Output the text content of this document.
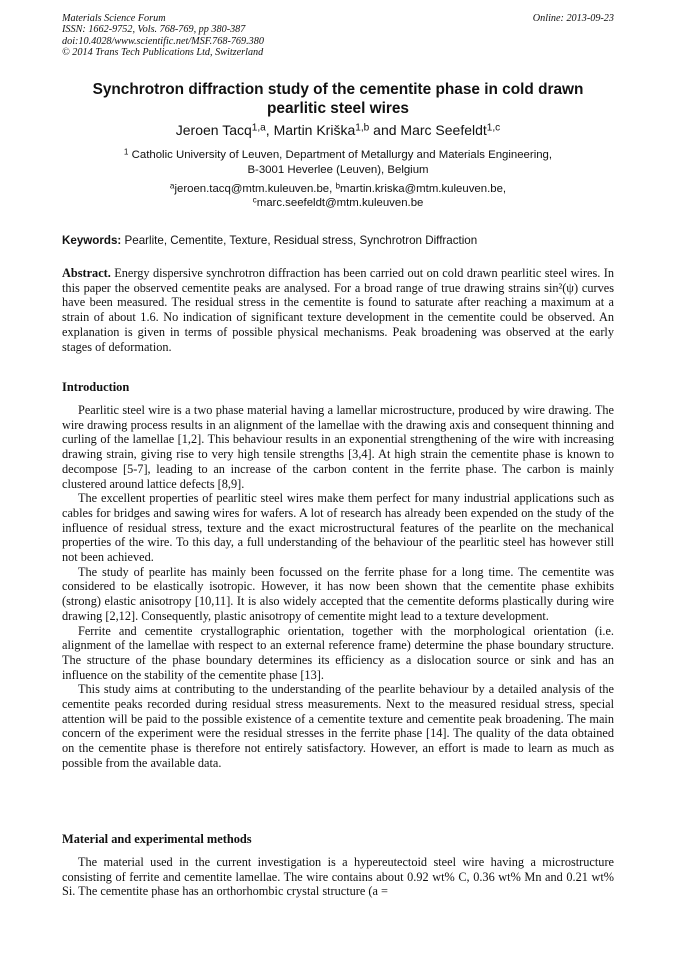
Materials Science Forum
ISSN: 1662-9752, Vols. 768-769, pp 380-387
doi:10.4028/www.scientific.net/MSF.768-769.380
© 2014 Trans Tech Publications Ltd, Switzerland
Online: 2013-09-23
Synchrotron diffraction study of the cementite phase in cold drawn pearlitic steel wires
Jeroen Tacq$^{1,a}$, Martin Kriška$^{1,b}$ and Marc Seefeldt$^{1,c}$
$^1$ Catholic University of Leuven, Department of Metallurgy and Materials Engineering,
B-3001 Heverlee (Leuven), Belgium
$^a$jeroen.tacq@mtm.kuleuven.be, $^b$martin.kriska@mtm.kuleuven.be,
$^c$marc.seefeldt@mtm.kuleuven.be
Keywords: Pearlite, Cementite, Texture, Residual stress, Synchrotron Diffraction

Abstract. Energy dispersive synchrotron diffraction has been carried out on cold drawn pearlitic steel wires. In this paper the observed cementite peaks are analysed. For a broad range of true drawing strains sin²(ψ) curves have been measured. The residual stress in the cementite is found to saturate after reaching a maximum at a strain of about 1.6. No indication of significant texture development in the cementite could be observed. An explanation is given in terms of possible physical mechanisms. Peak broadening was observed at the early stages of deformation.

Introduction

Pearlitic steel wire is a two phase material having a lamellar microstructure, produced by wire drawing. The wire drawing process results in an alignment of the lamellae with the drawing axis and consequent thinning and curling of the lamellae [1,2]. This behaviour results in an exponential strengthening of the wire with increasing drawing strain, giving rise to very high tensile strengths [3,4]. At high strain the cementite phase is known to decompose [5-7], leading to an increase of the carbon content in the ferrite phase. The carbon is mainly clustered around lattice defects [8,9].

The excellent properties of pearlitic steel wires make them perfect for many industrial applications such as cables for bridges and sawing wires for wafers. A lot of research has already been expended on the study of the influence of residual stress, texture and the exact microstructural features of the pearlite on the mechanical properties of the wire. To this day, a full understanding of the behaviour of the pearlitic steel has however still not been achieved.

The study of pearlite has mainly been focussed on the ferrite phase for a long time. The cementite was considered to be elastically isotropic. However, it has now been shown that the cementite phase exhibits (strong) elastic anisotropy [10,11]. It is also widely accepted that the cementite deforms plastically during wire drawing [2,12]. Consequently, plastic anisotropy of cementite might lead to a texture development.

Ferrite and cementite crystallographic orientation, together with the morphological orientation (i.e. alignment of the lamellae with respect to an external reference frame) determine the phase boundary structure. The structure of the phase boundary determines its efficiency as a dislocation source or sink and has an influence on the stability of the cementite phase [13].

This study aims at contributing to the understanding of the pearlite behaviour by a detailed analysis of the cementite peaks recorded during residual stress measurements. Next to the measured residual stress, special attention will be paid to the possible existence of a cementite texture and cementite peak broadening. The main concern of the experiment were the residual stresses in the ferrite phase [14]. The quality of the data obtained on the cementite phase is therefore not entirely satisfactory. However, an effort is made to learn as much as possible from the available data.

Material and experimental methods

The material used in the current investigation is a hypereutectoid steel wire having a microstructure consisting of ferrite and cementite lamellae. The wire contains about 0.92 wt% C, 0.36 wt% Mn and 0.21 wt% Si. The cementite phase has an orthorhombic crystal structure (a =
